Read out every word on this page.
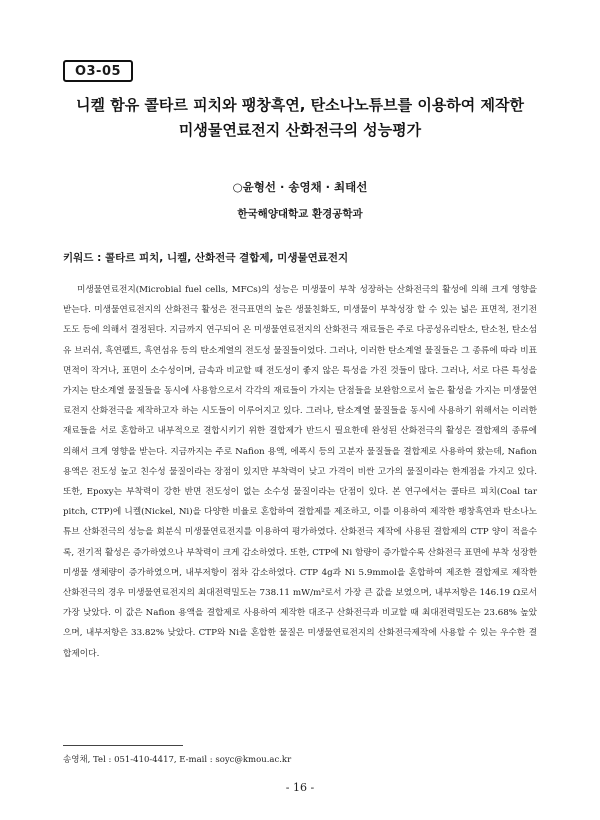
O3-05
니켈 함유 콜타르 피치와 팽창흑연, 탄소나노튜브를 이용하여 제작한
미생물연료전지 산화전극의 성능평가
○윤형선 · 송영채 · 최태선
한국해양대학교 환경공학과
키워드 : 콜타르 피치, 니켈, 산화전극 결합제, 미생물연료전지

미생물연료전지(Microbial fuel cells, MFCs)의 성능은 미생물이 부착 성장하는 산화전극의 활성에 의해 크게 영향을 받는다. 미생물연료전지의 산화전극 활성은 전극표면의 높은 생물친화도, 미생물이 부착성장 할 수 있는 넓은 표면적, 전기전도도 등에 의해서 결정된다. 지금까지 연구되어 온 미생물연료전지의 산화전극 재료들은 주로 다공성유리탄소, 탄소천, 탄소섬유 브러쉬, 흑연펠트, 흑연섬유 등의 탄소계열의 전도성 물질들이었다. 그러나, 이러한 탄소계열 물질들은 그 종류에 따라 비표면적이 작거나, 표면이 소수성이며, 금속과 비교할 때 전도성이 좋지 않은 특성을 가진 것들이 많다. 그러나, 서로 다른 특성을 가지는 탄소계열 물질들을 동시에 사용함으로서 각각의 재료들이 가지는 단점들을 보완함으로서 높은 활성을 가지는 미생물연료전지 산화전극을 제작하고자 하는 시도들이 이루어지고 있다. 그러나, 탄소계열 물질들을 동시에 사용하기 위해서는 이러한 재료들을 서로 혼합하고 내부적으로 결합시키기 위한 결합제가 반드시 필요한데 완성된 산화전극의 활성은 결합제의 종류에 의해서 크게 영향을 받는다. 지금까지는 주로 Nafion 용액, 에폭시 등의 고분자 물질들을 결합제로 사용하여 왔는데, Nafion 용액은 전도성 높고 친수성 물질이라는 장점이 있지만 부착력이 낮고 가격이 비싼 고가의 물질이라는 한계점을 가지고 있다. 또한, Epoxy는 부착력이 강한 반면 전도성이 없는 소수성 물질이라는 단점이 있다. 본 연구에서는 콜타르 피치(Coal tar pitch, CTP)에 니켈(Nickel, Ni)을 다양한 비율로 혼합하여 결합제를 제조하고, 이를 이용하여 제작한 팽창흑연과 탄소나노튜브 산화전극의 성능을 회분식 미생물연료전지를 이용하여 평가하였다. 산화전극 제작에 사용된 결합제의 CTP 양이 적을수록, 전기적 활성은 증가하였으나 부착력이 크게 감소하였다. 또한, CTP에 Ni 함량이 증가할수록 산화전극 표면에 부착 성장한 미생물 생체량이 증가하였으며, 내부저항이 점차 감소하였다. CTP 4g과 Ni 5.9mmol을 혼합하여 제조한 결합제로 제작한 산화전극의 경우 미생물연료전지의 최대전력밀도는 738.11 mW/m²로서 가장 큰 값을 보였으며, 내부저항은 146.19 Ω로서 가장 낮았다. 이 값은 Nafion 용액을 결합제로 사용하여 제작한 대조구 산화전극과 비교할 때 최대전력밀도는 23.68% 높았으며, 내부저항은 33.82% 낮았다. CTP와 Ni을 혼합한 물질은 미생물연료전지의 산화전극제작에 사용할 수 있는 우수한 결합제이다.

송영채, Tel : 051-410-4417, E-mail : soyc@kmou.ac.kr
- 16 -
